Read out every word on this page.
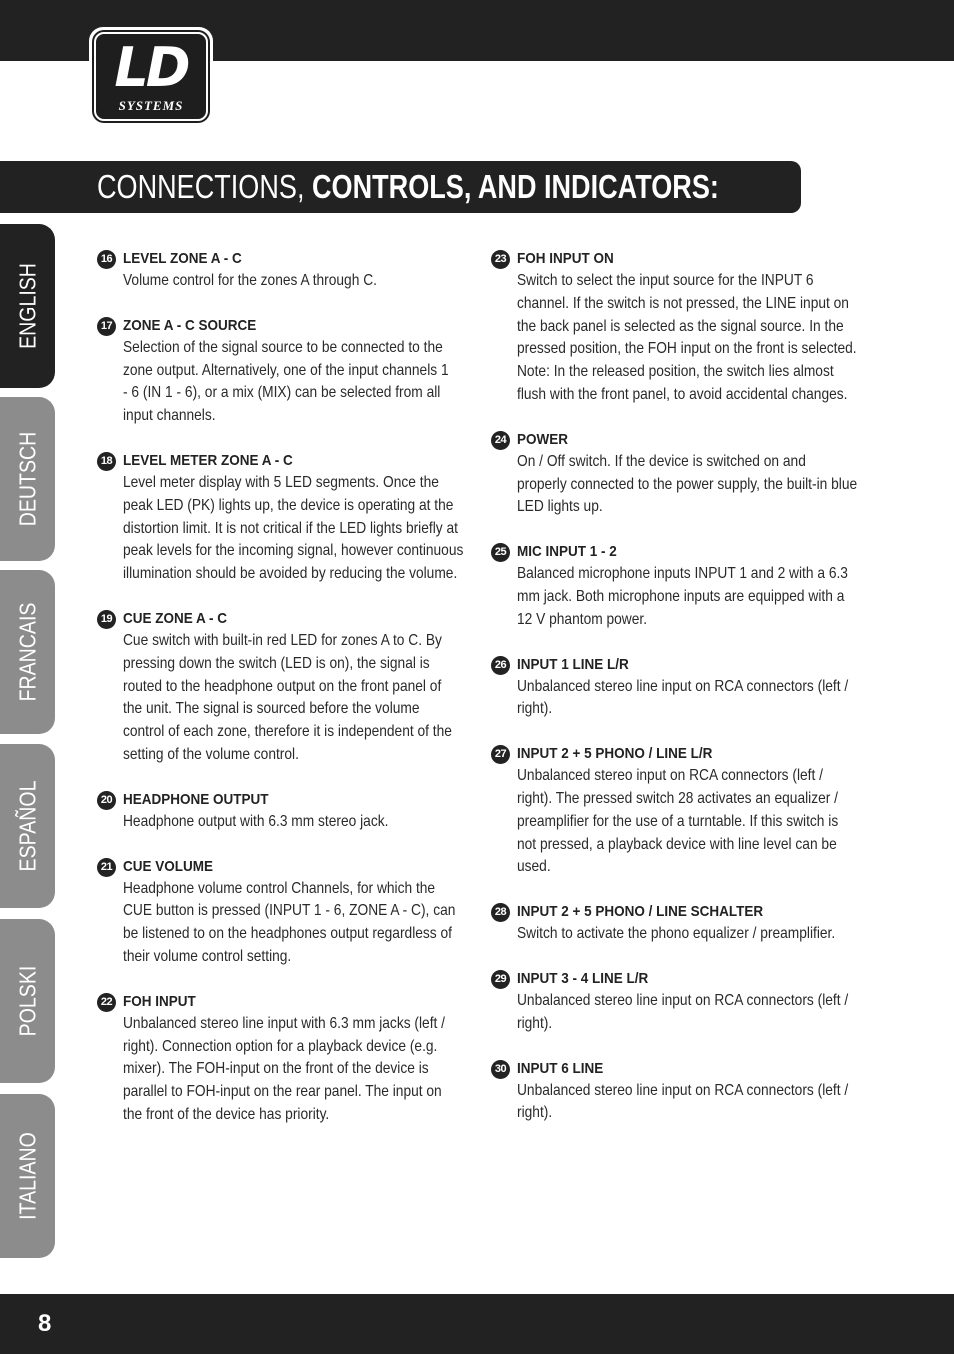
LD
SYSTEMS
CONNECTIONS, CONTROLS, AND INDICATORS:
ENGLISH
DEUTSCH
FRANCAIS
ESPAÑOL
POLSKI
ITALIANO
16 LEVEL ZONE A - C
Volume control for the zones A through C.
17 ZONE A - C SOURCE
Selection of the signal source to be connected to the zone output. Alternatively, one of the input channels 1 - 6 (IN 1 - 6), or a mix (MIX) can be selected from all input channels.
18 LEVEL METER ZONE A - C
Level meter display with 5 LED segments. Once the peak LED (PK) lights up, the device is operating at the distortion limit. It is not critical if the LED lights briefly at peak levels for the incoming signal, however continuous illumination should be avoided by reducing the volume.
19 CUE ZONE A - C
Cue switch with built-in red LED for zones A to C. By pressing down the switch (LED is on), the signal is routed to the headphone output on the front panel of the unit. The signal is sourced before the volume control of each zone, therefore it is independent of the setting of the volume control.
20 HEADPHONE OUTPUT
Headphone output with 6.3 mm stereo jack.
21 CUE VOLUME
Headphone volume control Channels, for which the CUE button is pressed (INPUT 1 - 6, ZONE A - C), can be listened to on the headphones output regardless of their volume control setting.
22 FOH INPUT
Unbalanced stereo line input with 6.3 mm jacks (left / right). Connection option for a playback device (e.g. mixer). The FOH-input on the front of the device is parallel to FOH-input on the rear panel. The input on the front of the device has priority.
23 FOH INPUT ON
Switch to select the input source for the INPUT 6 channel. If the switch is not pressed, the LINE input on the back panel is selected as the signal source. In the pressed position, the FOH input on the front is selected. Note: In the released position, the switch lies almost flush with the front panel, to avoid accidental changes.
24 POWER
On / Off switch. If the device is switched on and properly connected to the power supply, the built-in blue LED lights up.
25 MIC INPUT 1 - 2
Balanced microphone inputs INPUT 1 and 2 with a 6.3 mm jack. Both microphone inputs are equipped with a 12 V phantom power.
26 INPUT 1 LINE L/R
Unbalanced stereo line input on RCA connectors (left / right).
27 INPUT 2 + 5 PHONO / LINE L/R
Unbalanced stereo input on RCA connectors (left / right). The pressed switch 28 activates an equalizer / preamplifier for the use of a turntable. If this switch is not pressed, a playback device with line level can be used.
28 INPUT 2 + 5 PHONO / LINE SCHALTER
Switch to activate the phono equalizer / preamplifier.
29 INPUT 3 - 4 LINE L/R
Unbalanced stereo line input on RCA connectors (left / right).
30 INPUT 6 LINE
Unbalanced stereo line input on RCA connectors (left / right).
8
